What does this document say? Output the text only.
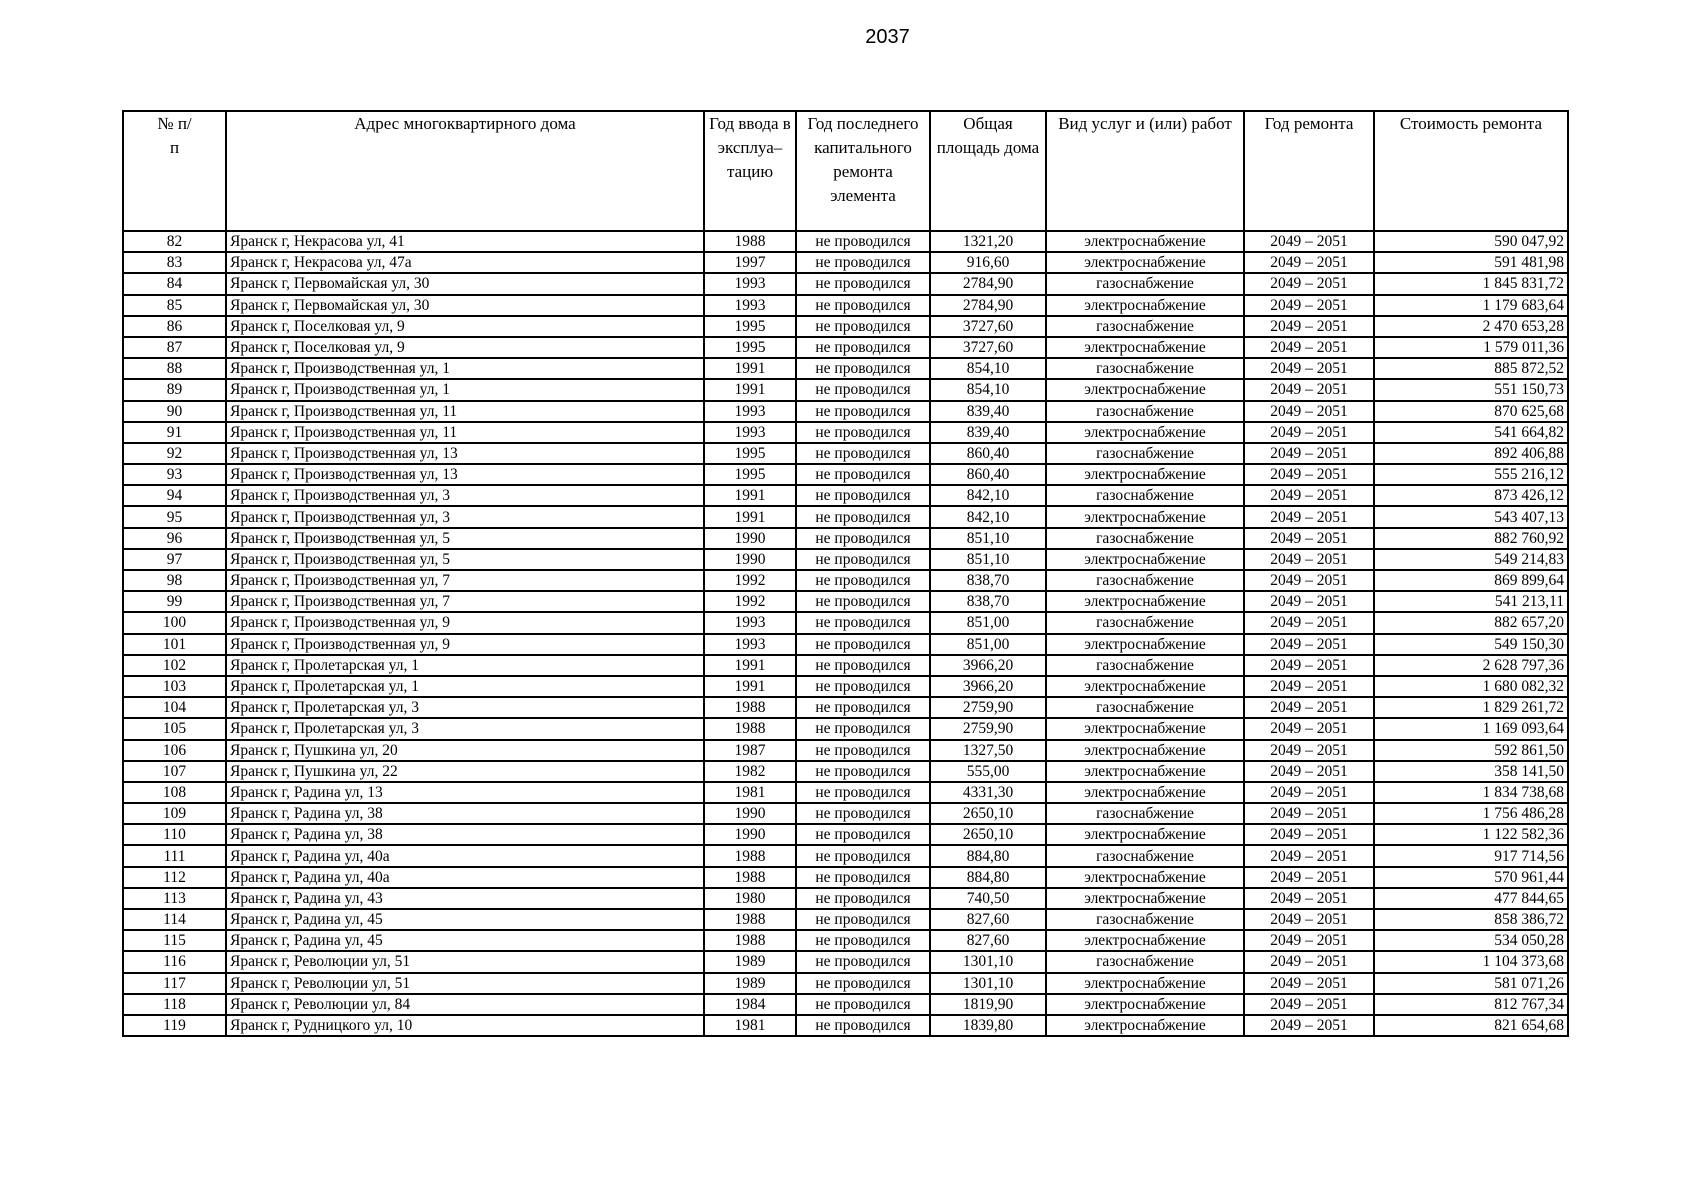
2037
№ п/п	Адрес многоквартирного дома	Год ввода в эксплуа–тацию	Год последнего капитального ремонта элемента	Общая площадь дома	Вид услуг и (или) работ	Год ремонта	Стоимость ремонта
82	Яранск г, Некрасова ул, 41	1988	не проводился	1321,20	электроснабжение	2049 – 2051	590 047,92
83	Яранск г, Некрасова ул, 47а	1997	не проводился	916,60	электроснабжение	2049 – 2051	591 481,98
84	Яранск г, Первомайская ул, 30	1993	не проводился	2784,90	газоснабжение	2049 – 2051	1 845 831,72
85	Яранск г, Первомайская ул, 30	1993	не проводился	2784,90	электроснабжение	2049 – 2051	1 179 683,64
86	Яранск г, Поселковая ул, 9	1995	не проводился	3727,60	газоснабжение	2049 – 2051	2 470 653,28
87	Яранск г, Поселковая ул, 9	1995	не проводился	3727,60	электроснабжение	2049 – 2051	1 579 011,36
88	Яранск г, Производственная ул, 1	1991	не проводился	854,10	газоснабжение	2049 – 2051	885 872,52
89	Яранск г, Производственная ул, 1	1991	не проводился	854,10	электроснабжение	2049 – 2051	551 150,73
90	Яранск г, Производственная ул, 11	1993	не проводился	839,40	газоснабжение	2049 – 2051	870 625,68
91	Яранск г, Производственная ул, 11	1993	не проводился	839,40	электроснабжение	2049 – 2051	541 664,82
92	Яранск г, Производственная ул, 13	1995	не проводился	860,40	газоснабжение	2049 – 2051	892 406,88
93	Яранск г, Производственная ул, 13	1995	не проводился	860,40	электроснабжение	2049 – 2051	555 216,12
94	Яранск г, Производственная ул, 3	1991	не проводился	842,10	газоснабжение	2049 – 2051	873 426,12
95	Яранск г, Производственная ул, 3	1991	не проводился	842,10	электроснабжение	2049 – 2051	543 407,13
96	Яранск г, Производственная ул, 5	1990	не проводился	851,10	газоснабжение	2049 – 2051	882 760,92
97	Яранск г, Производственная ул, 5	1990	не проводился	851,10	электроснабжение	2049 – 2051	549 214,83
98	Яранск г, Производственная ул, 7	1992	не проводился	838,70	газоснабжение	2049 – 2051	869 899,64
99	Яранск г, Производственная ул, 7	1992	не проводился	838,70	электроснабжение	2049 – 2051	541 213,11
100	Яранск г, Производственная ул, 9	1993	не проводился	851,00	газоснабжение	2049 – 2051	882 657,20
101	Яранск г, Производственная ул, 9	1993	не проводился	851,00	электроснабжение	2049 – 2051	549 150,30
102	Яранск г, Пролетарская ул, 1	1991	не проводился	3966,20	газоснабжение	2049 – 2051	2 628 797,36
103	Яранск г, Пролетарская ул, 1	1991	не проводился	3966,20	электроснабжение	2049 – 2051	1 680 082,32
104	Яранск г, Пролетарская ул, 3	1988	не проводился	2759,90	газоснабжение	2049 – 2051	1 829 261,72
105	Яранск г, Пролетарская ул, 3	1988	не проводился	2759,90	электроснабжение	2049 – 2051	1 169 093,64
106	Яранск г, Пушкина ул, 20	1987	не проводился	1327,50	электроснабжение	2049 – 2051	592 861,50
107	Яранск г, Пушкина ул, 22	1982	не проводился	555,00	электроснабжение	2049 – 2051	358 141,50
108	Яранск г, Радина ул, 13	1981	не проводился	4331,30	электроснабжение	2049 – 2051	1 834 738,68
109	Яранск г, Радина ул, 38	1990	не проводился	2650,10	газоснабжение	2049 – 2051	1 756 486,28
110	Яранск г, Радина ул, 38	1990	не проводился	2650,10	электроснабжение	2049 – 2051	1 122 582,36
111	Яранск г, Радина ул, 40а	1988	не проводился	884,80	газоснабжение	2049 – 2051	917 714,56
112	Яранск г, Радина ул, 40а	1988	не проводился	884,80	электроснабжение	2049 – 2051	570 961,44
113	Яранск г, Радина ул, 43	1980	не проводился	740,50	электроснабжение	2049 – 2051	477 844,65
114	Яранск г, Радина ул, 45	1988	не проводился	827,60	газоснабжение	2049 – 2051	858 386,72
115	Яранск г, Радина ул, 45	1988	не проводился	827,60	электроснабжение	2049 – 2051	534 050,28
116	Яранск г, Революции ул, 51	1989	не проводился	1301,10	газоснабжение	2049 – 2051	1 104 373,68
117	Яранск г, Революции ул, 51	1989	не проводился	1301,10	электроснабжение	2049 – 2051	581 071,26
118	Яранск г, Революции ул, 84	1984	не проводился	1819,90	электроснабжение	2049 – 2051	812 767,34
119	Яранск г, Рудницкого ул, 10	1981	не проводился	1839,80	электроснабжение	2049 – 2051	821 654,68
